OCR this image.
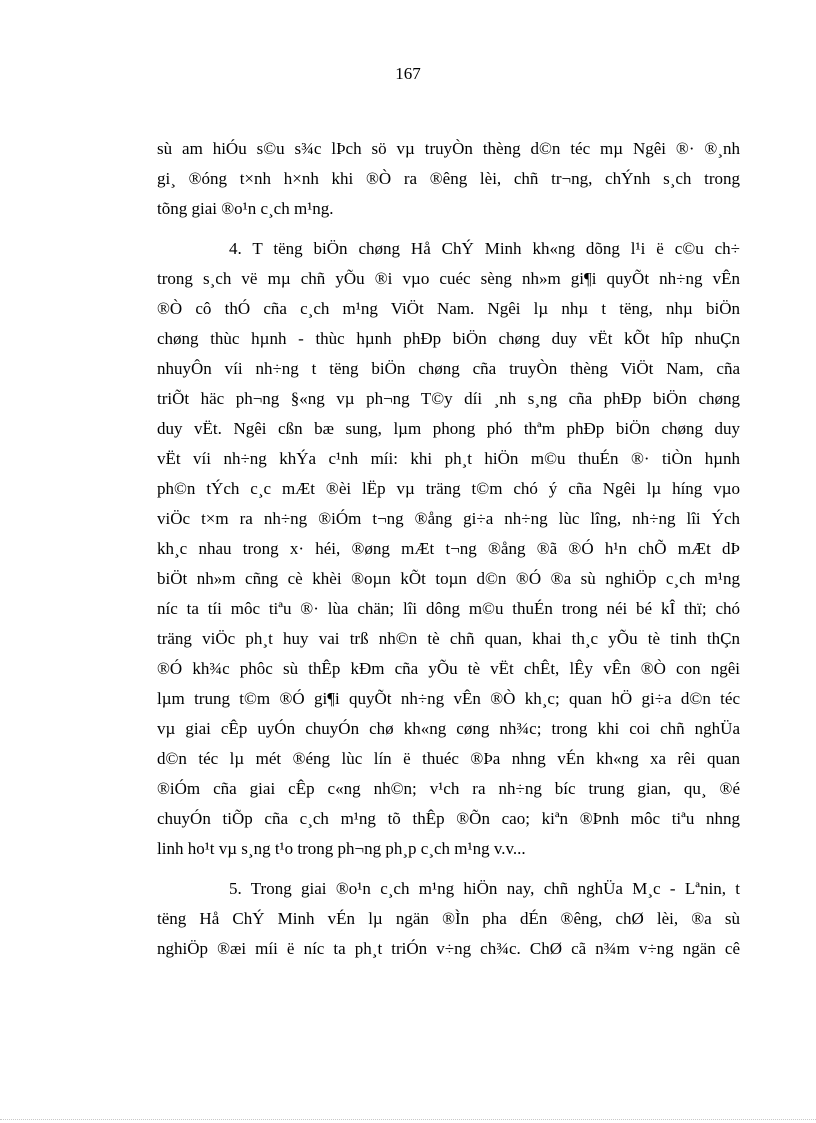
167

sù am hiÓu s©u s¾c lÞch sö vµ truyÒn thèng d©n téc mµ Ngêi ®· ®¸nh
gi¸ ®óng t×nh h×nh khi ®Ò ra ®êng lèi, chñ tr¬ng, chÝnh s¸ch trong
tõng giai ®o¹n c¸ch m¹ng.

4. T tëng biÖn chøng Hå ChÝ Minh kh«ng dõng l¹i ë c©u ch÷
trong s¸ch vë mµ chñ yÕu ®i vµo cuéc sèng nh»m gi¶i quyÕt nh÷ng vÊn
®Ò cô thÓ cña c¸ch m¹ng ViÖt Nam. Ngêi lµ nhµ t tëng, nhµ biÖn
chøng thùc hµnh - thùc hµnh phÐp biÖn chøng duy vËt kÕt hîp nhuÇn
nhuyÔn víi nh÷ng t tëng biÖn chøng cña truyÒn thèng ViÖt Nam, cña
triÕt häc ph¬ng §«ng vµ ph¬ng T©y díi ¸nh s¸ng cña phÐp biÖn chøng
duy vËt. Ngêi cßn bæ sung, lµm phong phó thªm phÐp biÖn chøng duy
vËt víi nh÷ng khÝa c¹nh míi: khi ph¸t hiÖn m©u thuÉn ®· tiÒn hµnh
ph©n tÝch c¸c mÆt ®èi lËp vµ träng t©m chó ý cña Ngêi lµ híng vµo
viÖc t×m ra nh÷ng ®iÓm t¬ng ®ång gi÷a nh÷ng lùc lîng, nh÷ng lîi Ých
kh¸c nhau trong x· héi, ®øng mÆt t¬ng ®ång ®ã ®Ó h¹n chÕ mÆt dÞ
biÖt nh»m cñng cè khèi ®oµn kÕt toµn d©n ®Ó ®a sù nghiÖp c¸ch m¹ng
níc ta tíi môc tiªu ®· lùa chän; lîi dông m©u thuÉn trong néi bé kÎ thï; chó
träng viÖc ph¸t huy vai trß nh©n tè chñ quan, khai th¸c yÕu tè tinh thÇn
®Ó kh¾c phôc sù thÊp kÐm cña yÕu tè vËt chÊt, lÊy vÊn ®Ò con ngêi
lµm trung t©m ®Ó gi¶i quyÕt nh÷ng vÊn ®Ò kh¸c; quan hÖ gi÷a d©n téc
vµ giai cÊp uyÓn chuyÓn chø kh«ng cøng nh¾c; trong khi coi chñ nghÜa
d©n téc lµ mét ®éng lùc lín ë thuéc ®Þa nhng vÉn kh«ng xa rêi quan
®iÓm cña giai cÊp c«ng nh©n; v¹ch ra nh÷ng bíc trung gian, qu¸ ®é
chuyÓn tiÕp cña c¸ch m¹ng tõ thÊp ®Õn cao; kiªn ®Þnh môc tiªu nhng
linh ho¹t vµ s¸ng t¹o trong ph¬ng ph¸p c¸ch m¹ng v.v...

5. Trong giai ®o¹n c¸ch m¹ng hiÖn nay, chñ nghÜa M¸c - Lªnin, t
tëng Hå ChÝ Minh vÉn lµ ngän ®Ìn pha dÉn ®êng, chØ lèi, ®a sù
nghiÖp ®æi míi ë níc ta ph¸t triÓn v÷ng ch¾c. ChØ cã n¾m v÷ng ngän cê
